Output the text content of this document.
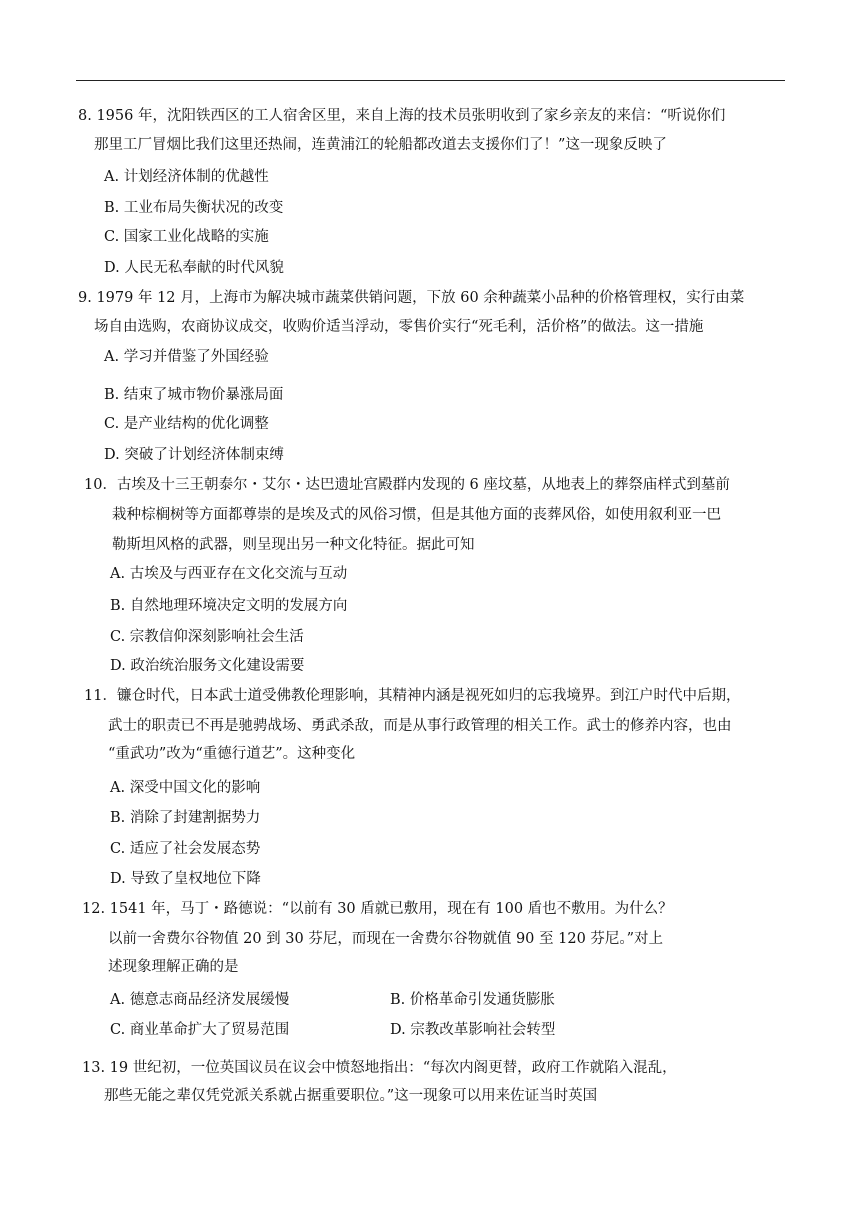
8. 1956 年，沈阳铁西区的工人宿舍区里，来自上海的技术员张明收到了家乡亲友的来信：“听说你们
那里工厂冒烟比我们这里还热闹，连黄浦江的轮船都改道去支援你们了！”这一现象反映了
A. 计划经济体制的优越性
B. 工业布局失衡状况的改变
C. 国家工业化战略的实施
D. 人民无私奉献的时代风貌
9. 1979 年 12 月，上海市为解决城市蔬菜供销问题，下放 60 余种蔬菜小品种的价格管理权，实行由菜
场自由选购，农商协议成交，收购价适当浮动，零售价实行“死毛利，活价格”的做法。这一措施
A. 学习并借鉴了外国经验
B. 结束了城市物价暴涨局面
C. 是产业结构的优化调整
D. 突破了计划经济体制束缚
10．古埃及十三王朝泰尔・艾尔・达巴遗址宫殿群内发现的 6 座坟墓，从地表上的葬祭庙样式到墓前
栽种棕榈树等方面都尊崇的是埃及式的风俗习惯，但是其他方面的丧葬风俗，如使用叙利亚一巴
勒斯坦风格的武器，则呈现出另一种文化特征。据此可知
A. 古埃及与西亚存在文化交流与互动
B. 自然地理环境决定文明的发展方向
C. 宗教信仰深刻影响社会生活
D. 政治统治服务文化建设需要
11．镰仓时代，日本武士道受佛教伦理影响，其精神内涵是视死如归的忘我境界。到江户时代中后期，
武士的职责已不再是驰骋战场、勇武杀敌，而是从事行政管理的相关工作。武士的修养内容，也由
“重武功”改为“重德行道艺”。这种变化
A. 深受中国文化的影响
B. 消除了封建割据势力
C. 适应了社会发展态势
D. 导致了皇权地位下降
12. 1541 年，马丁・路德说：“以前有 30 盾就已敷用，现在有 100 盾也不敷用。为什么？
以前一舍费尔谷物值 20 到 30 芬尼，而现在一舍费尔谷物就值 90 至 120 芬尼。”对上
述现象理解正确的是
A. 德意志商品经济发展缓慢	B. 价格革命引发通货膨胀
C. 商业革命扩大了贸易范围	D. 宗教改革影响社会转型
13. 19 世纪初，一位英国议员在议会中愤怒地指出：“每次内阁更替，政府工作就陷入混乱，
那些无能之辈仅凭党派关系就占据重要职位。”这一现象可以用来佐证当时英国
